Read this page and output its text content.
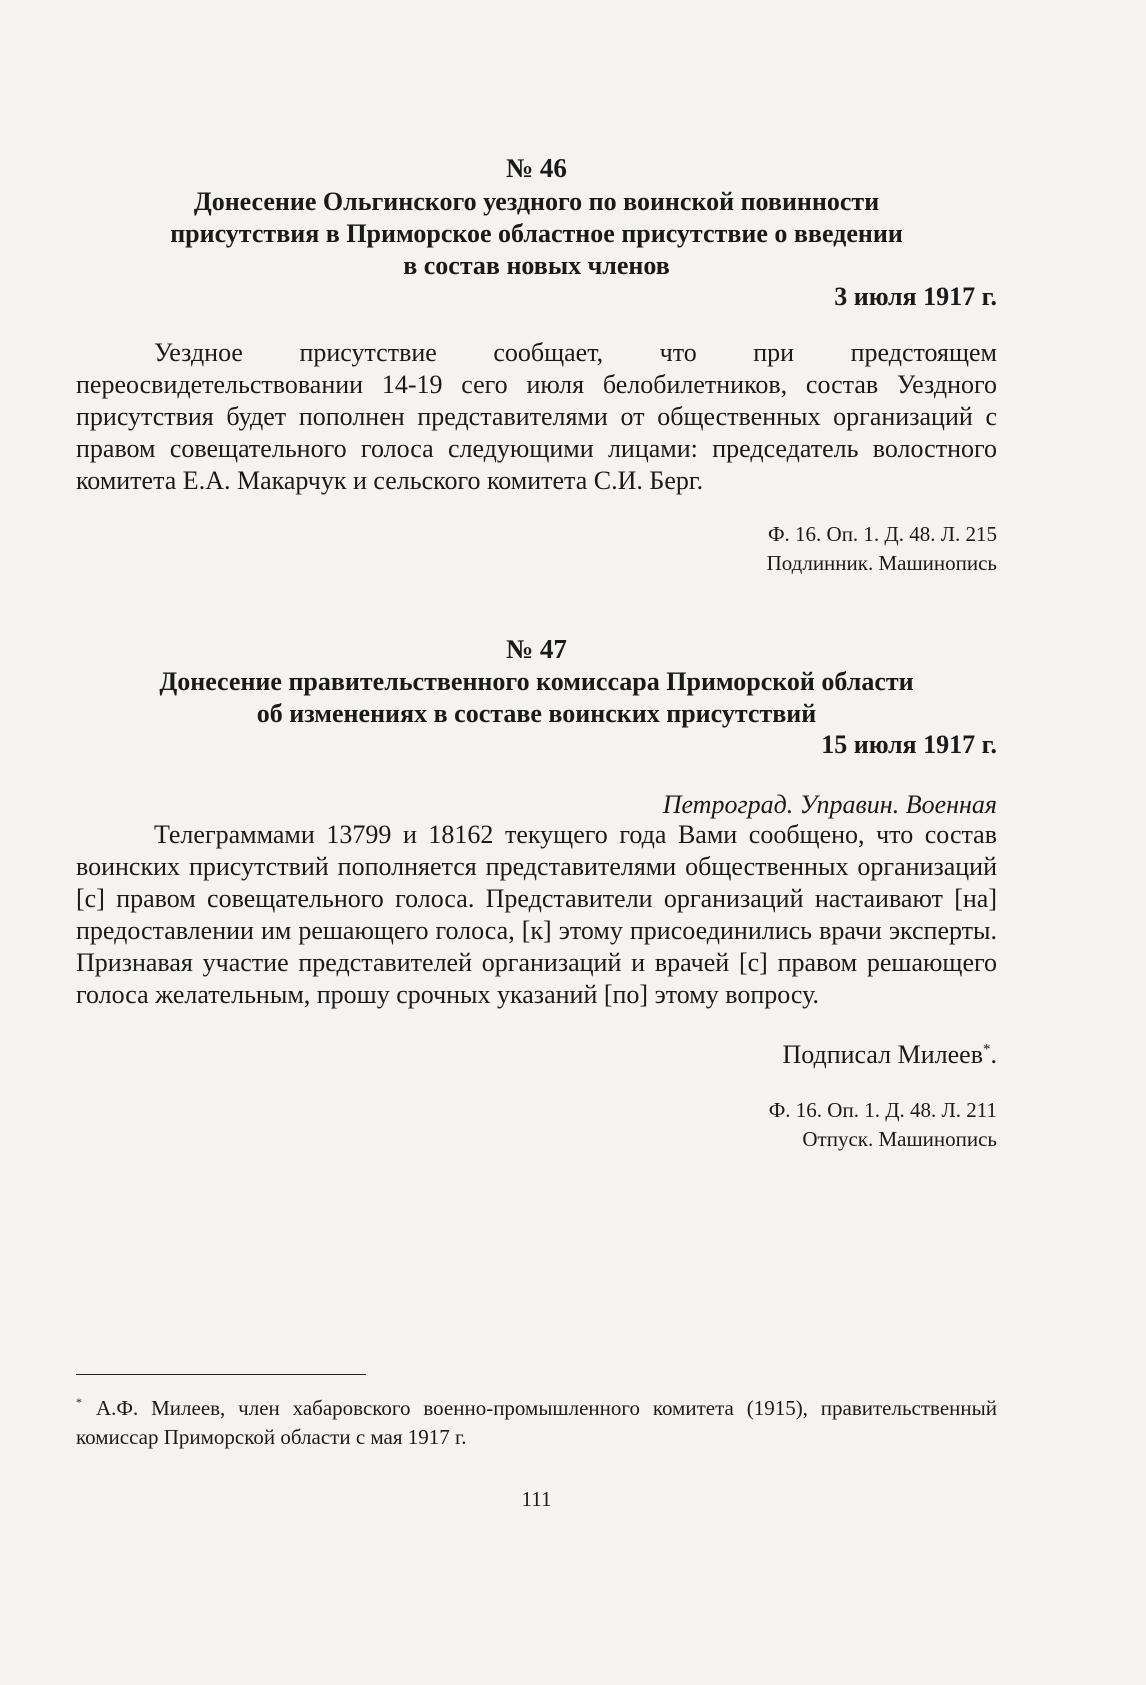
№ 46
Донесение Ольгинского уездного по воинской повинности
присутствия в Приморское областное присутствие о введении
в состав новых членов
3 июля 1917 г.

Уездное присутствие сообщает, что при предстоящем переосвидетельствовании 14-19 сего июля белобилетников, состав Уездного присутствия будет пополнен представителями от общественных организаций с правом совещательного голоса следующими лицами: председатель волостного комитета Е.А. Макарчук и сельского комитета С.И. Берг.

Ф. 16. Оп. 1. Д. 48. Л. 215
Подлинник. Машинопись
№ 47
Донесение правительственного комиссара Приморской области
об изменениях в составе воинских присутствий
15 июля 1917 г.
Петроград. Управин. Военная

Телеграммами 13799 и 18162 текущего года Вами сообщено, что состав воинских присутствий пополняется представителями общественных организаций [с] правом совещательного голоса. Представители организаций настаивают [на] предоставлении им решающего голоса, [к] этому присоединились врачи эксперты. Признавая участие представителей организаций и врачей [с] правом решающего голоса желательным, прошу срочных указаний [по] этому вопросу.

Подписал Милеев*.
Ф. 16. Оп. 1. Д. 48. Л. 211
Отпуск. Машинопись

* А.Ф. Милеев, член хабаровского военно-промышленного комитета (1915), правительственный комиссар Приморской области с мая 1917 г.

111
